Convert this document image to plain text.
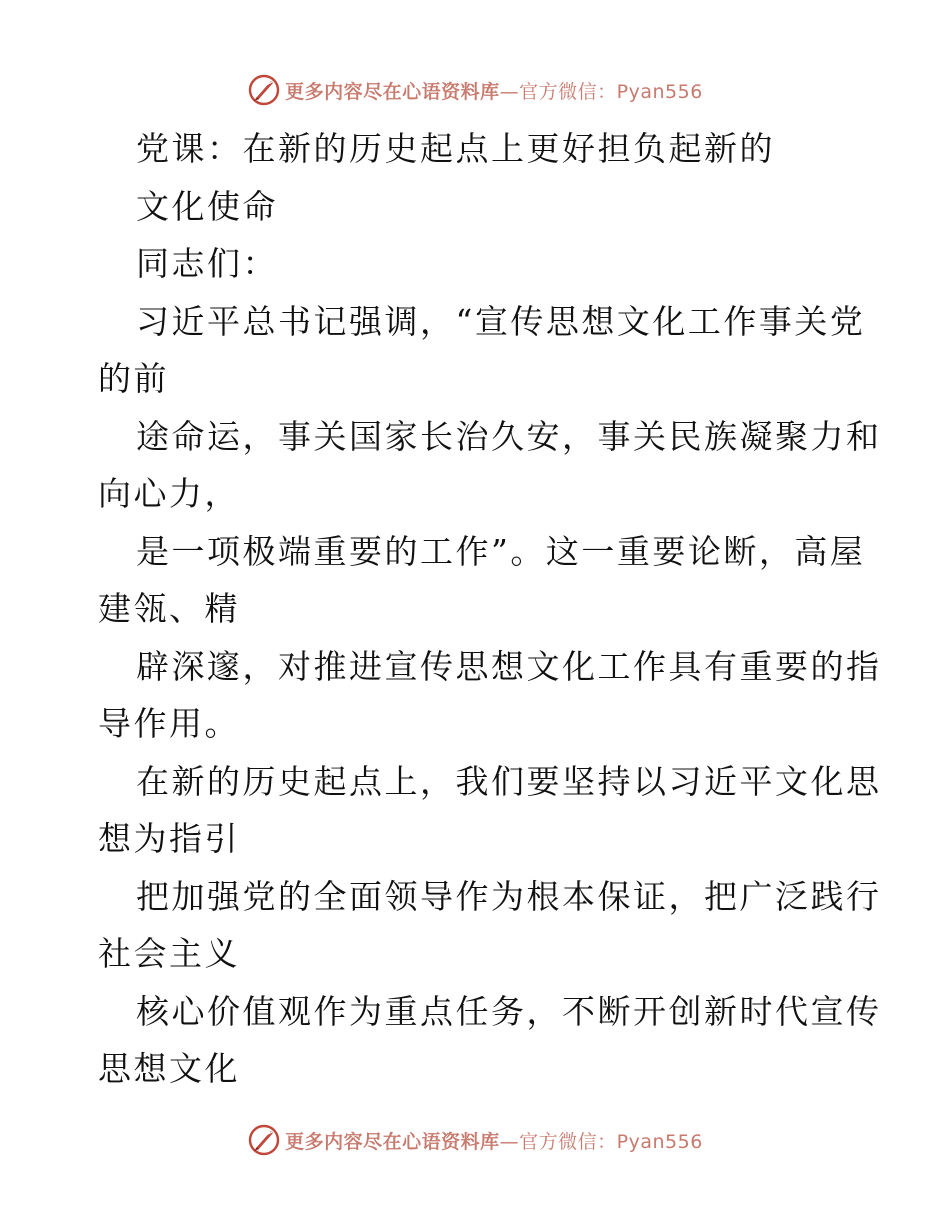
更多内容尽在心语资料库—官方微信：Pyan556
党课：在新的历史起点上更好担负起新的
文化使命
同志们：
习近平总书记强调，“宣传思想文化工作事关党
的前
途命运，事关国家长治久安，事关民族凝聚力和
向心力，
是一项极端重要的工作”。这一重要论断，高屋
建瓴、精
辟深邃，对推进宣传思想文化工作具有重要的指
导作用。
在新的历史起点上，我们要坚持以习近平文化思
想为指引
把加强党的全面领导作为根本保证，把广泛践行
社会主义
核心价值观作为重点任务，不断开创新时代宣传
思想文化
更多内容尽在心语资料库—官方微信：Pyan556
